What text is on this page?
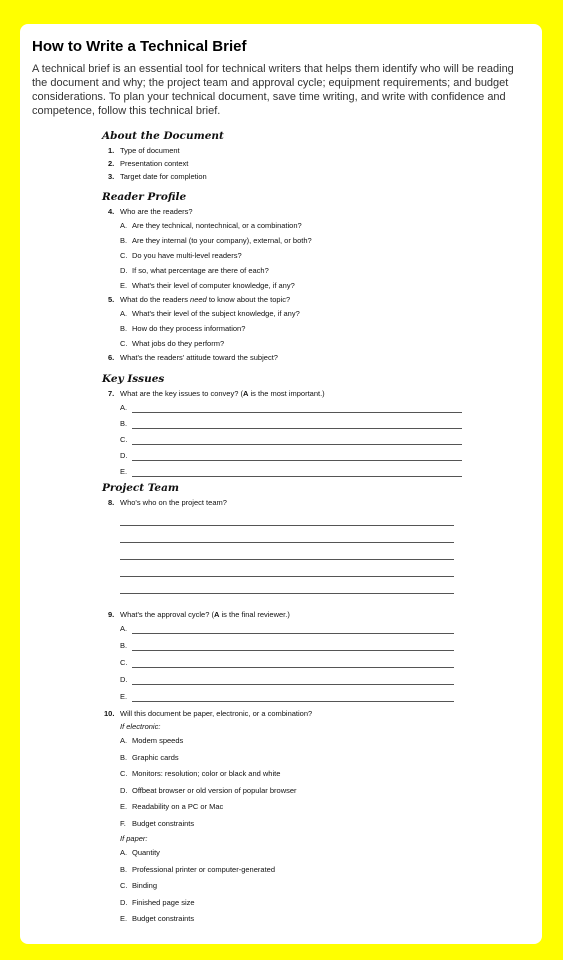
How to Write a Technical Brief
A technical brief is an essential tool for technical writers that helps them identify who will be reading the document and why; the project team and approval cycle; equipment requirements; and budget considerations. To plan your technical document, save time writing, and write with confidence and competence, follow this technical brief.
About the Document
1. Type of document
2. Presentation context
3. Target date for completion
Reader Profile
4. Who are the readers?
A. Are they technical, nontechnical, or a combination?
B. Are they internal (to your company), external, or both?
C. Do you have multi-level readers?
D. If so, what percentage are there of each?
E. What's their level of computer knowledge, if any?
5. What do the readers need to know about the topic?
A. What's their level of the subject knowledge, if any?
B. How do they process information?
C. What jobs do they perform?
6. What's the readers' attitude toward the subject?
Key Issues
7. What are the key issues to convey? (A is the most important.)
A.
B.
C.
D.
E.
Project Team
8. Who's who on the project team?
9. What's the approval cycle? (A is the final reviewer.)
A.
B.
C.
D.
E.
10. Will this document be paper, electronic, or a combination?
If electronic:
A. Modem speeds
B. Graphic cards
C. Monitors: resolution; color or black and white
D. Offbeat browser or old version of popular browser
E. Readability on a PC or Mac
F. Budget constraints
If paper:
A. Quantity
B. Professional printer or computer-generated
C. Binding
D. Finished page size
E. Budget constraints
